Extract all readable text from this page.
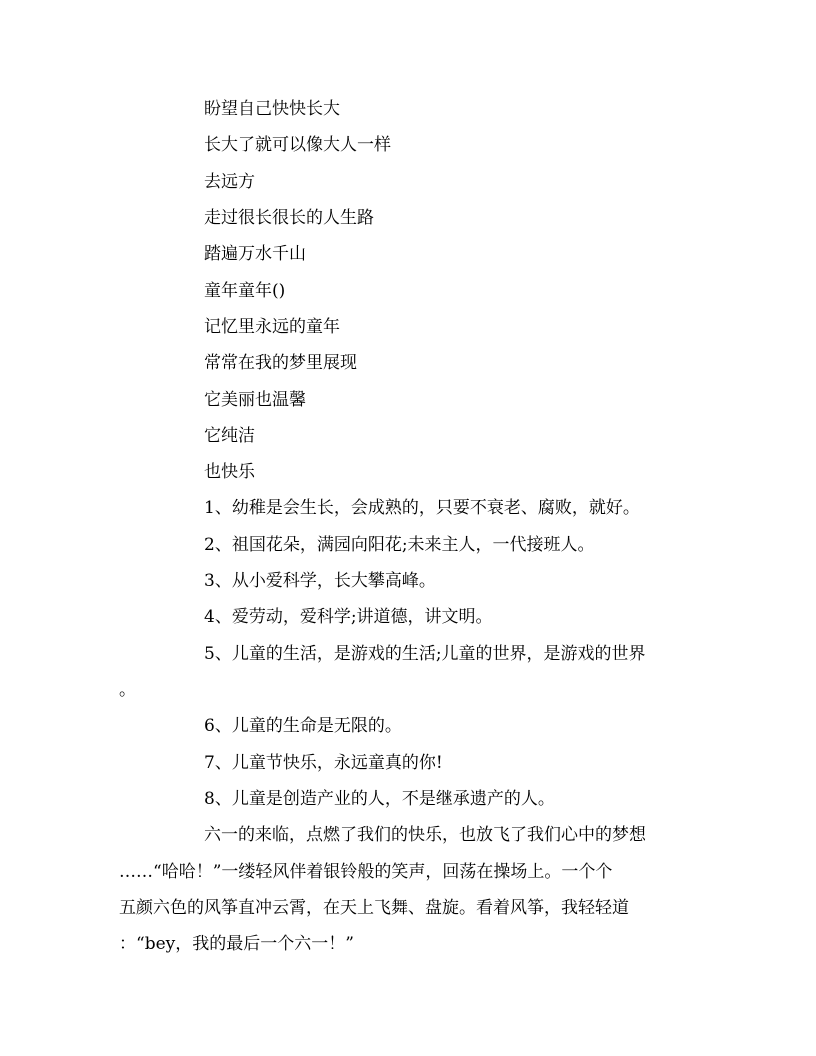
盼望自己快快长大
长大了就可以像大人一样
去远方
走过很长很长的人生路
踏遍万水千山
童年童年()
记忆里永远的童年
常常在我的梦里展现
它美丽也温馨
它纯洁
也快乐
1、幼稚是会生长，会成熟的，只要不衰老、腐败，就好。
2、祖国花朵，满园向阳花;未来主人，一代接班人。
3、从小爱科学，长大攀高峰。
4、爱劳动，爱科学;讲道德，讲文明。
5、儿童的生活，是游戏的生活;儿童的世界，是游戏的世界
。
6、儿童的生命是无限的。
7、儿童节快乐，永远童真的你!
8、儿童是创造产业的人，不是继承遗产的人。
六一的来临，点燃了我们的快乐，也放飞了我们心中的梦想
……“哈哈！”一缕轻风伴着银铃般的笑声，回荡在操场上。一个个
五颜六色的风筝直冲云霄，在天上飞舞、盘旋。看着风筝，我轻轻道
：“bey，我的最后一个六一！”
